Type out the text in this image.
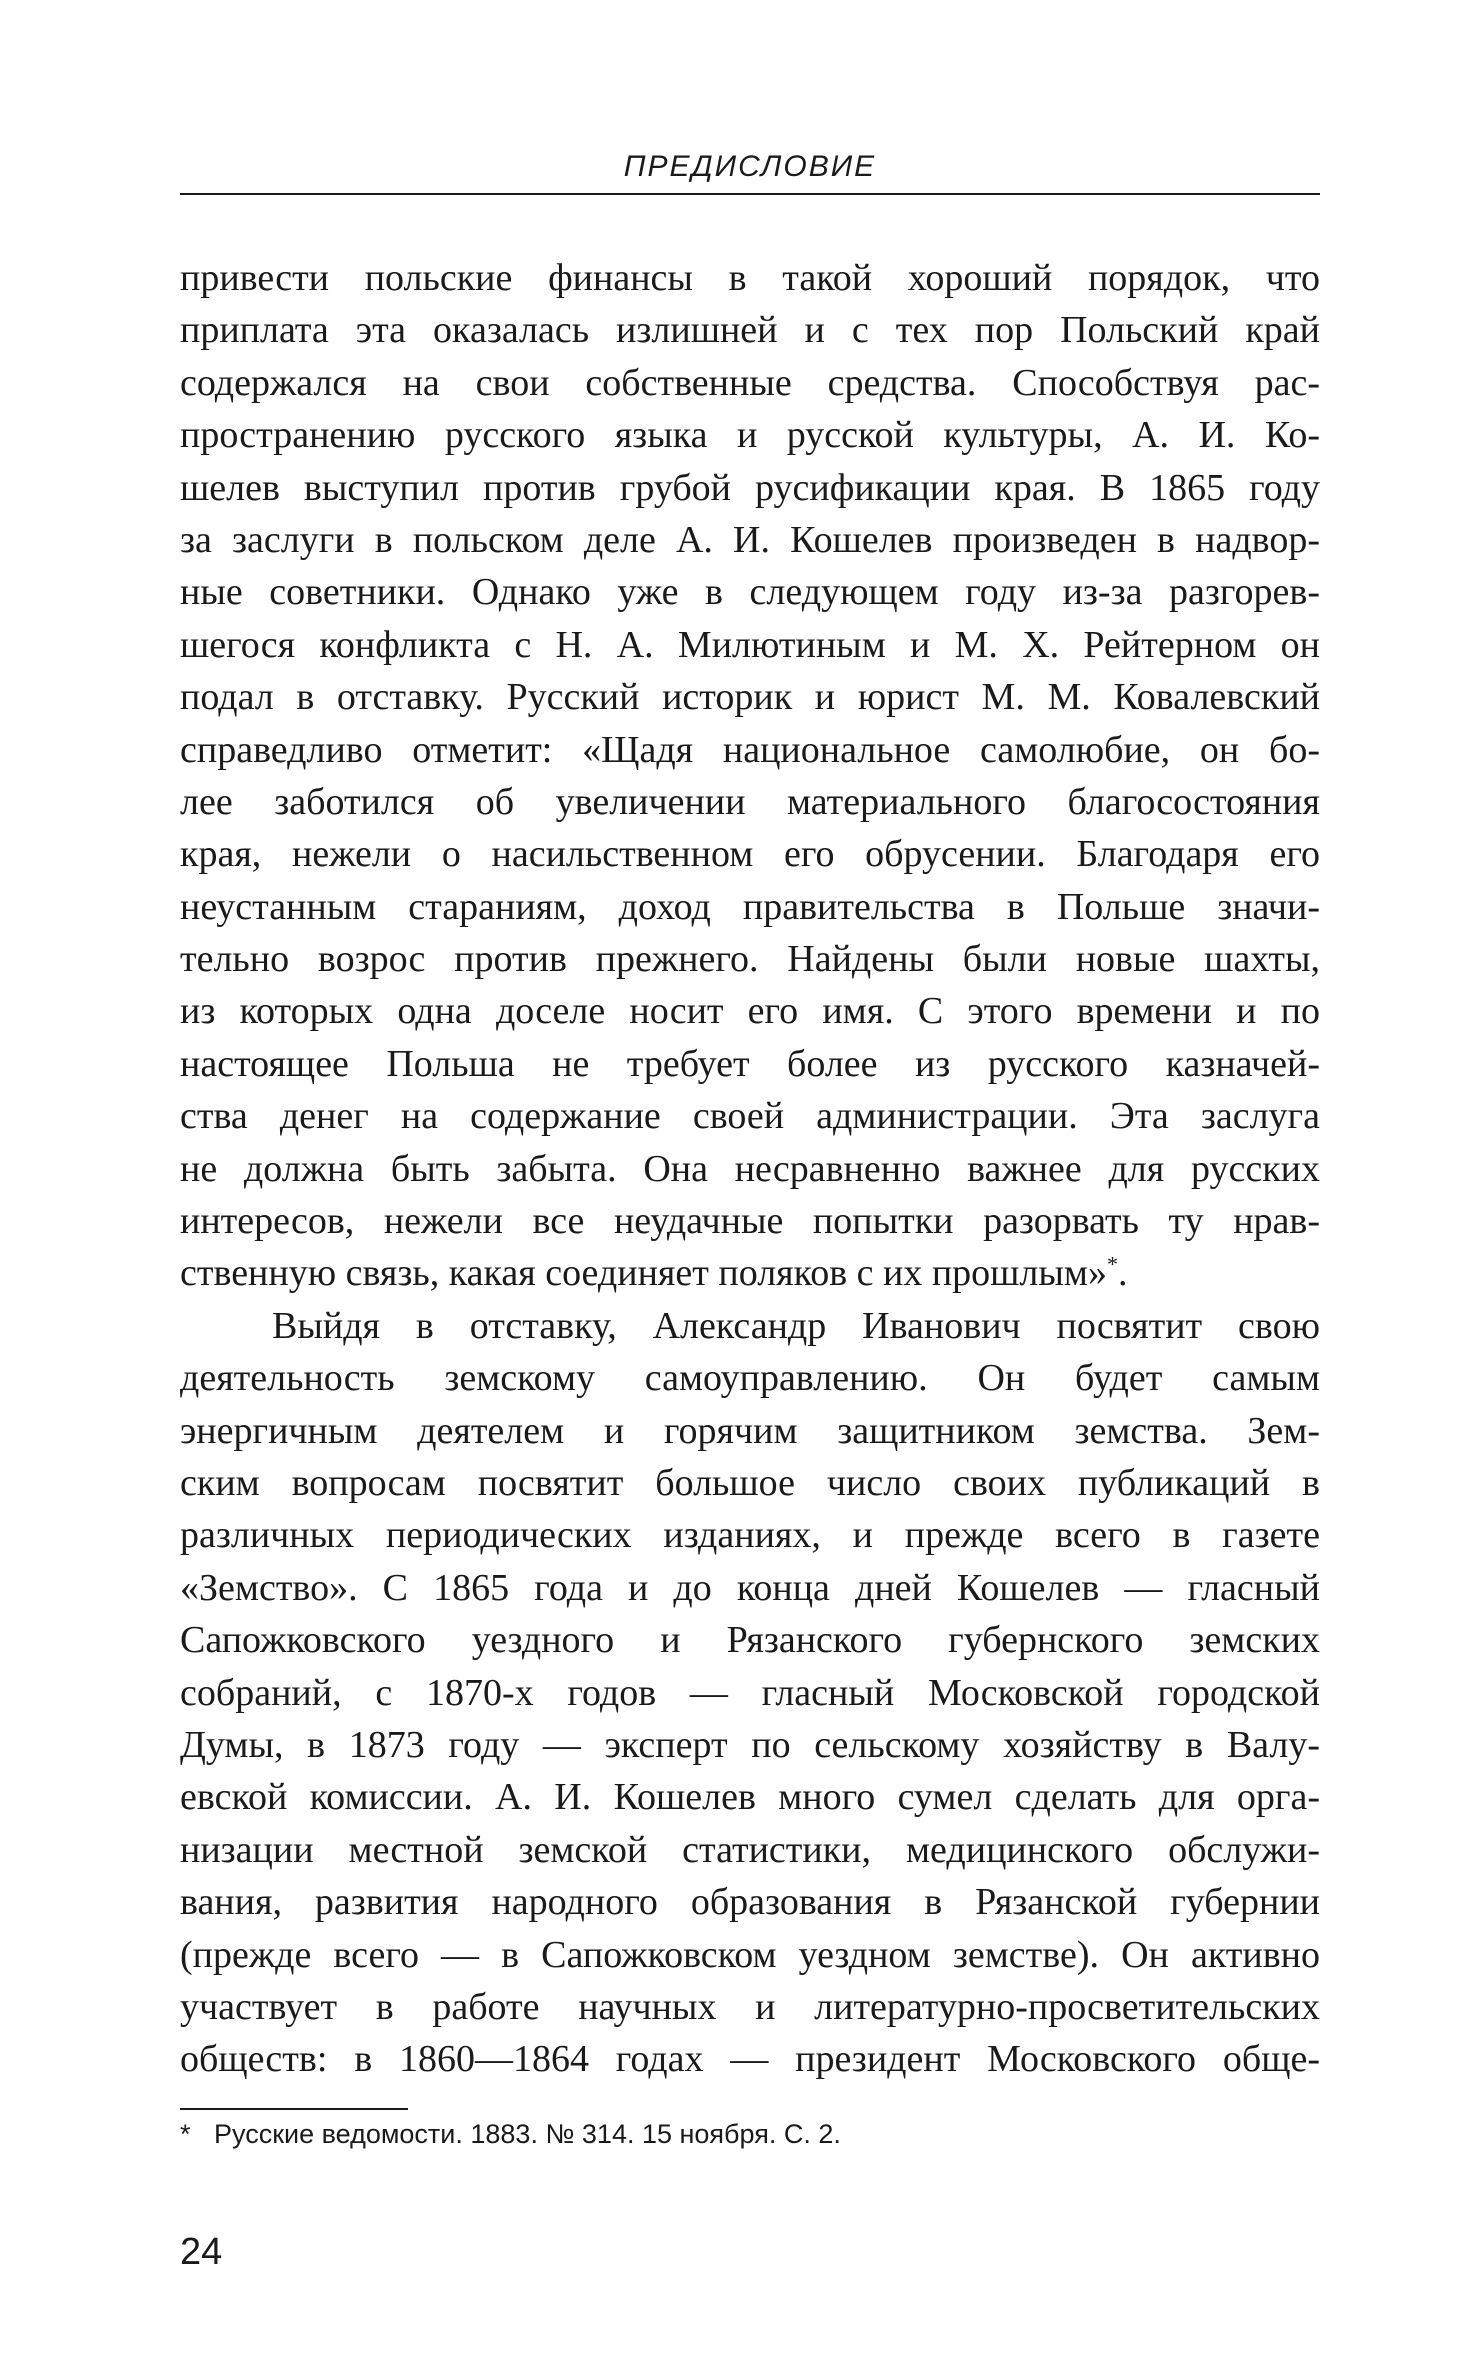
ПРЕДИСЛОВИЕ
привести польские финансы в такой хороший порядок, что
приплата эта оказалась излишней и с тех пор Польский край
содержался на свои собственные средства. Способствуя рас-
пространению русского языка и русской культуры, А. И. Ко-
шелев выступил против грубой русификации края. В 1865 году
за заслуги в польском деле А. И. Кошелев произведен в надвор-
ные советники. Однако уже в следующем году из-за разгорев-
шегося конфликта с Н. А. Милютиным и М. Х. Рейтерном он
подал в отставку. Русский историк и юрист М. М. Ковалевский
справедливо отметит: «Щадя национальное самолюбие, он бо-
лее заботился об увеличении материального благосостояния
края, нежели о насильственном его обрусении. Благодаря его
неустанным стараниям, доход правительства в Польше значи-
тельно возрос против прежнего. Найдены были новые шахты,
из которых одна доселе носит его имя. С этого времени и по
настоящее Польша не требует более из русского казначей-
ства денег на содержание своей администрации. Эта заслуга
не должна быть забыта. Она несравненно важнее для русских
интересов, нежели все неудачные попытки разорвать ту нрав-
ственную связь, какая соединяет поляков с их прошлым»*.
Выйдя в отставку, Александр Иванович посвятит свою
деятельность земскому самоуправлению. Он будет самым
энергичным деятелем и горячим защитником земства. Зем-
ским вопросам посвятит большое число своих публикаций в
различных периодических изданиях, и прежде всего в газете
«Земство». С 1865 года и до конца дней Кошелев — гласный
Сапожковского уездного и Рязанского губернского земских
собраний, с 1870-х годов — гласный Московской городской
Думы, в 1873 году — эксперт по сельскому хозяйству в Валу-
евской комиссии. А. И. Кошелев много сумел сделать для орга-
низации местной земской статистики, медицинского обслужи-
вания, развития народного образования в Рязанской губернии
(прежде всего — в Сапожковском уездном земстве). Он активно
участвует в работе научных и литературно-просветительских
обществ: в 1860—1864 годах — президент Московского обще-
* Русские ведомости. 1883. № 314. 15 ноября. С. 2.
24
